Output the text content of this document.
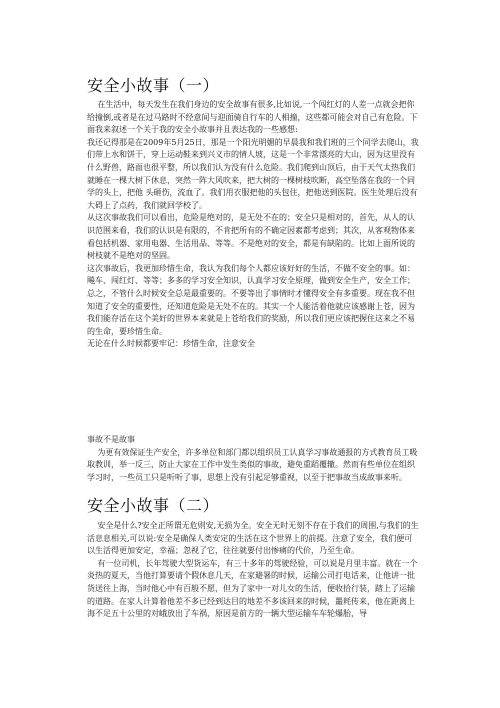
安全小故事（一）

在生活中，每天发生在我们身边的安全故事有很多,比如说,一个闯红灯的人差一点就会把你给撞倒,或者是在过马路时不经意间与迎面骑自行车的人相撞，这些都可能会对自己有危险。下面我来叙述一个关于我的安全小故事并且表达我的一些感想:

我还记得那是在2009年5月25日，那是一个阳光明媚的早晨我和我们班的三个同学去爬山，我们带上水和饼干，穿上运动鞋来到兴义市的情人坡，这是一个非常漂亮的大山，因为这里没有什么野兽，路面也很平整，所以我们认为没有什么危险。我们爬到山顶后，由于天气太热我们就睡在一棵大树下休息，突然一阵大风吹来，把大树的一棵树枝吹断，高空坠落在我的一个同学的头上，把他 头砸伤，流血了。我们用衣服把他的头包住，把他送到医院。医生处理后没有大碍上了点药，我们就回学校了。

从这次事故我们可以看出，危险是绝对的，是无处不在的；安全只是相对的，首先，从人的认识范围来看，我们的认识是有限的，不肯把所有的不确定因素都考虑到；其次，从客观物体来看包括机器、家用电器、生活用品、等等。不是绝对的安全，都是有缺陷的。比如上面所说的树枝就不是绝对的坚固。

这次事故后，我更加珍惜生命，我认为我们每个人都应该好好的生活，不做不安全的事。如：飚车、闯红灯、等等；多多的学习安全知识，认真学习安全原理，做到安全生产，安全工作；

总之，不管什么时候安全总是最重要的。不要等出了事情时才懂得安全有多重要。现在我不但知道了安全的重要性，还知道危险是无处不在的。其实一个人能活着他就应该感谢上苍，因为我们能存活在这个美好的世界本来就是上苍给我们的奖励，所以我们更应该把握住这来之不易的生命，要珍惜生命。

无论在什么时候都要牢记：珍惜生命，注意安全

事故不是故事

为更有效保证生产安全，许多单位和部门都以组织员工认真学习事故通报的方式教育员工吸取教训，举一反三，防止大家在工作中发生类似的事故，避免重蹈覆辙。然而有些单位在组织学习时，一些员工只是听听了事，思想上没有引起足够重视，以至于把事故当成故事来听。

安全小故事（二）

安全是什么?安全正所谓无危则安,无损为全。安全无时无刻不存在于我们的周围,与我们的生活息息相关,可以说:安全是确保人类安定的生活在这个世界上的前提。注意了安全，我们便可以生活得更加安定，幸福；忽视了它，往往就要付出惨痛的代价，乃至生命。

有一位司机，长年驾驶大型货运车，有三十多年的驾驶经验，可以说是月里丰富。就在一个炎热的夏天，当他打算要请个假休息几天，在家避暑的时候，运输公司打电话来，让他讲一批货送往上海，当时他心中有百般不愿，但为了家中一对儿女的生活，便收拾行装，踏上了运输的道路。在家人计算着他差不多已经到达目的地差不多该回来的时候，噩耗传来，他在距离上海不足五十公里的对峨放出了车祸，原因是前方的一辆大型运输车车轮爆胎，导
